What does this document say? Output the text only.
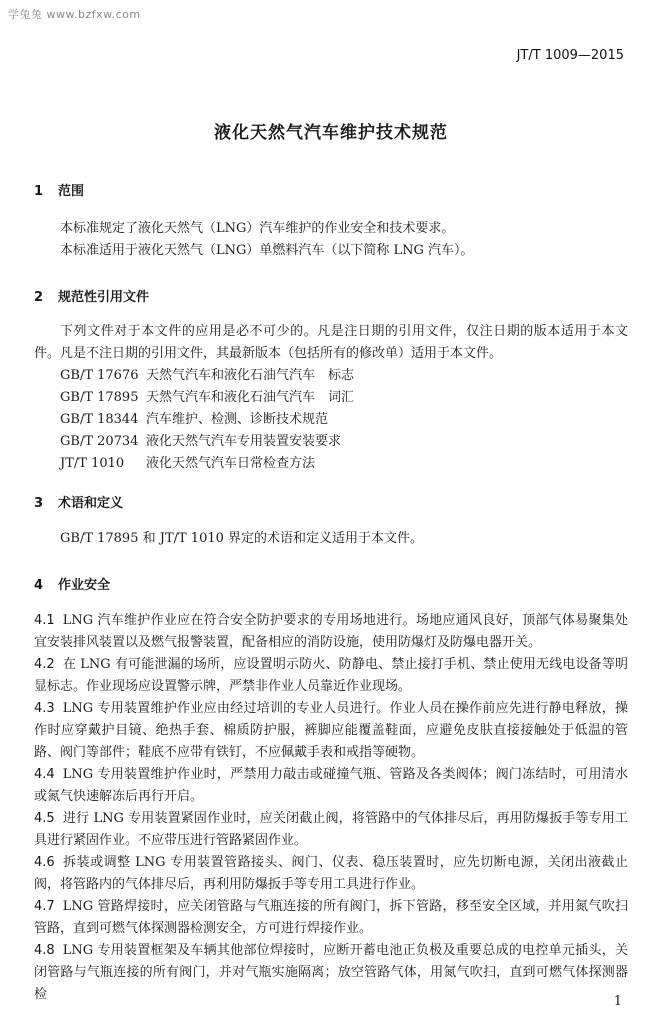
学兔兔 www.bzfxw.com
JT/T 1009—2015
液化天然气汽车维护技术规范
1 范围
本标准规定了液化天然气（LNG）汽车维护的作业安全和技术要求。
本标准适用于液化天然气（LNG）单燃料汽车（以下简称 LNG 汽车）。
2 规范性引用文件
下列文件对于本文件的应用是必不可少的。凡是注日期的引用文件，仅注日期的版本适用于本文件。凡是不注日期的引用文件，其最新版本（包括所有的修改单）适用于本文件。
GB/T 17676 天然气汽车和液化石油气汽车　标志
GB/T 17895 天然气汽车和液化石油气汽车　词汇
GB/T 18344 汽车维护、检测、诊断技术规范
GB/T 20734 液化天然气汽车专用装置安装要求
JT/T 1010	液化天然气汽车日常检查方法
3 术语和定义
GB/T 17895 和 JT/T 1010 界定的术语和定义适用于本文件。
4 作业安全
4.1 LNG 汽车维护作业应在符合安全防护要求的专用场地进行。场地应通风良好，顶部气体易聚集处宜安装排风装置以及燃气报警装置，配备相应的消防设施，使用防爆灯及防爆电器开关。
4.2 在 LNG 有可能泄漏的场所，应设置明示防火、防静电、禁止接打手机、禁止使用无线电设备等明显标志。作业现场应设置警示牌，严禁非作业人员靠近作业现场。
4.3 LNG 专用装置维护作业应由经过培训的专业人员进行。作业人员在操作前应先进行静电释放，操作时应穿戴护目镜、绝热手套、棉质防护服，裤脚应能覆盖鞋面，应避免皮肤直接接触处于低温的管路、阀门等部件；鞋底不应带有铁钉，不应佩戴手表和戒指等硬物。
4.4 LNG 专用装置维护作业时，严禁用力敲击或碰撞气瓶、管路及各类阀体；阀门冻结时，可用清水或氮气快速解冻后再行开启。
4.5 进行 LNG 专用装置紧固作业时，应关闭截止阀，将管路中的气体排尽后，再用防爆扳手等专用工具进行紧固作业。不应带压进行管路紧固作业。
4.6 拆装或调整 LNG 专用装置管路接头、阀门、仪表、稳压装置时，应先切断电源，关闭出液截止阀，将管路内的气体排尽后，再利用防爆扳手等专用工具进行作业。
4.7 LNG 管路焊接时，应关闭管路与气瓶连接的所有阀门，拆下管路，移至安全区域，并用氮气吹扫管路，直到可燃气体探测器检测安全，方可进行焊接作业。
4.8 LNG 专用装置框架及车辆其他部位焊接时，应断开蓄电池正负极及重要总成的电控单元插头，关闭管路与气瓶连接的所有阀门，并对气瓶实施隔离；放空管路气体，用氮气吹扫，直到可燃气体探测器检	1
